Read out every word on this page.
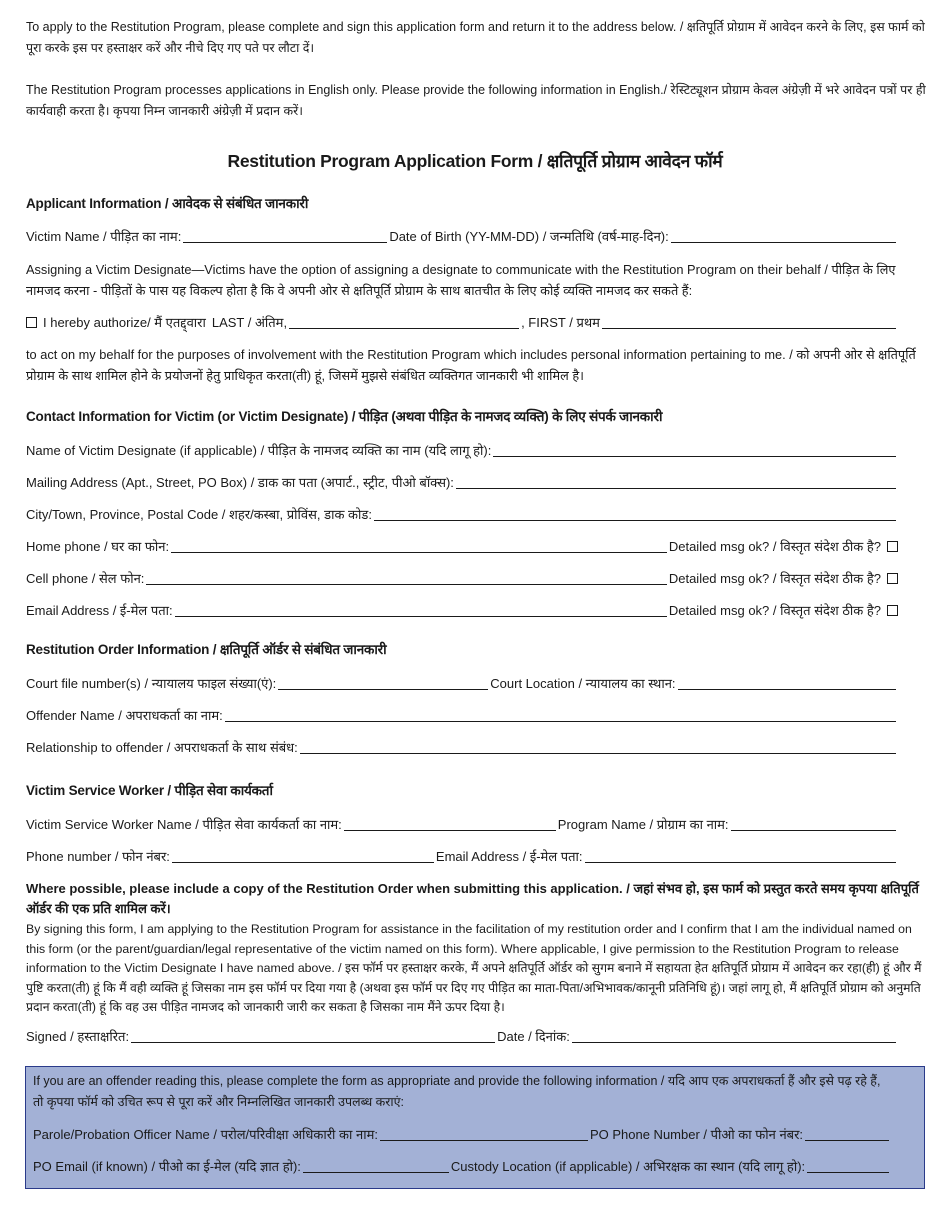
To apply to the Restitution Program, please complete and sign this application form and return it to the address below. / क्षतिपूर्ति प्रोग्राम में आवेदन करने के लिए, इस फार्म को पूरा करके इस पर हस्ताक्षर करें और नीचे दिए गए पते पर लौटा दें।
The Restitution Program processes applications in English only. Please provide the following information in English./ रेस्टिट्यूशन प्रोग्राम केवल अंग्रेज़ी में भरे आवेदन पत्रों पर ही कार्यवाही करता है। कृपया निम्न जानकारी अंग्रेज़ी में प्रदान करें।
Restitution Program Application Form / क्षतिपूर्ति प्रोग्राम आवेदन फॉर्म
Applicant Information / आवेदक से संबंधित जानकारी
Victim Name / पीड़ित का नाम:	Date of Birth (YY-MM-DD) / जन्मतिथि (वर्ष-माह-दिन):
Assigning a Victim Designate—Victims have the option of assigning a designate to communicate with the Restitution Program on their behalf / पीड़ित के लिए नामजद करना - पीड़ितों के पास यह विकल्प होता है कि वे अपनी ओर से क्षतिपूर्ति प्रोग्राम के साथ बातचीत के लिए कोई व्यक्ति नामजद कर सकते हैं:
I hereby authorize/ मैं एतद्द्वारा LAST / अंतिम,	, FIRST / प्रथम
to act on my behalf for the purposes of involvement with the Restitution Program which includes personal information pertaining to me. / को अपनी ओर से क्षतिपूर्ति प्रोग्राम के साथ शामिल होने के प्रयोजनों हेतु प्राधिकृत करता(ती) हूं, जिसमें मुझसे संबंधित व्यक्तिगत जानकारी भी शामिल है।
Contact Information for Victim (or Victim Designate) / पीड़ित (अथवा पीड़ित के नामजद व्यक्ति) के लिए संपर्क जानकारी
Name of Victim Designate (if applicable) / पीड़ित के नामजद व्यक्ति का नाम (यदि लागू हो):
Mailing Address (Apt., Street, PO Box) / डाक का पता (अपार्ट., स्ट्रीट, पीओ बॉक्स):
City/Town, Province, Postal Code / शहर/कस्बा, प्रोविंस, डाक कोड:
Home phone / घर का फोन:	Detailed msg ok? / विस्तृत संदेश ठीक है?
Cell phone / सेल फोन:	Detailed msg ok? / विस्तृत संदेश ठीक है?
Email Address / ई-मेल पता:	Detailed msg ok? / विस्तृत संदेश ठीक है?
Restitution Order Information / क्षतिपूर्ति ऑर्डर से संबंधित जानकारी
Court file number(s) / न्यायालय फाइल संख्या(एं):	Court Location / न्यायालय का स्थान:
Offender Name / अपराधकर्ता का नाम:
Relationship to offender / अपराधकर्ता के साथ संबंध:
Victim Service Worker / पीड़ित सेवा कार्यकर्ता
Victim Service Worker Name / पीड़ित सेवा कार्यकर्ता का नाम:	Program Name / प्रोग्राम का नाम:
Phone number / फोन नंबर:	Email Address / ई-मेल पता:
Where possible, please include a copy of the Restitution Order when submitting this application. / जहां संभव हो, इस फार्म को प्रस्तुत करते समय कृपया क्षतिपूर्ति ऑर्डर की एक प्रति शामिल करें।
By signing this form, I am applying to the Restitution Program for assistance in the facilitation of my restitution order and I confirm that I am the individual named on this form (or the parent/guardian/legal representative of the victim named on this form). Where applicable, I give permission to the Restitution Program to release information to the Victim Designate I have named above. / इस फॉर्म पर हस्ताक्षर करके, मैं अपने क्षतिपूर्ति ऑर्डर को सुगम बनाने में सहायता हेत क्षतिपूर्ति प्रोग्राम में आवेदन कर रहा(ही) हूं और मैं पुष्टि करता(ती) हूं कि मैं वही व्यक्ति हूं जिसका नाम इस फॉर्म पर दिया गया है (अथवा इस फॉर्म पर दिए गए पीड़ित का माता-पिता/अभिभावक/कानूनी प्रतिनिधि हूं)। जहां लागू हो, मैं क्षतिपूर्ति प्रोग्राम को अनुमति प्रदान करता(ती) हूं कि वह उस पीड़ित नामजद को जानकारी जारी कर सकता है जिसका नाम मैंने ऊपर दिया है।
Signed / हस्ताक्षरित:	Date / दिनांक:
If you are an offender reading this, please complete the form as appropriate and provide the following information / यदि आप एक अपराधकर्ता हैं और इसे पढ़ रहे हैं, तो कृपया फॉर्म को उचित रूप से पूरा करें और निम्नलिखित जानकारी उपलब्ध कराएं:
Parole/Probation Officer Name / परोल/परिवीक्षा अधिकारी का नाम:	PO Phone Number / पीओ का फोन नंबर:
PO Email (if known) / पीओ का ई-मेल (यदि ज्ञात हो):	Custody Location (if applicable) / अभिरक्षक का स्थान (यदि लागू हो):
